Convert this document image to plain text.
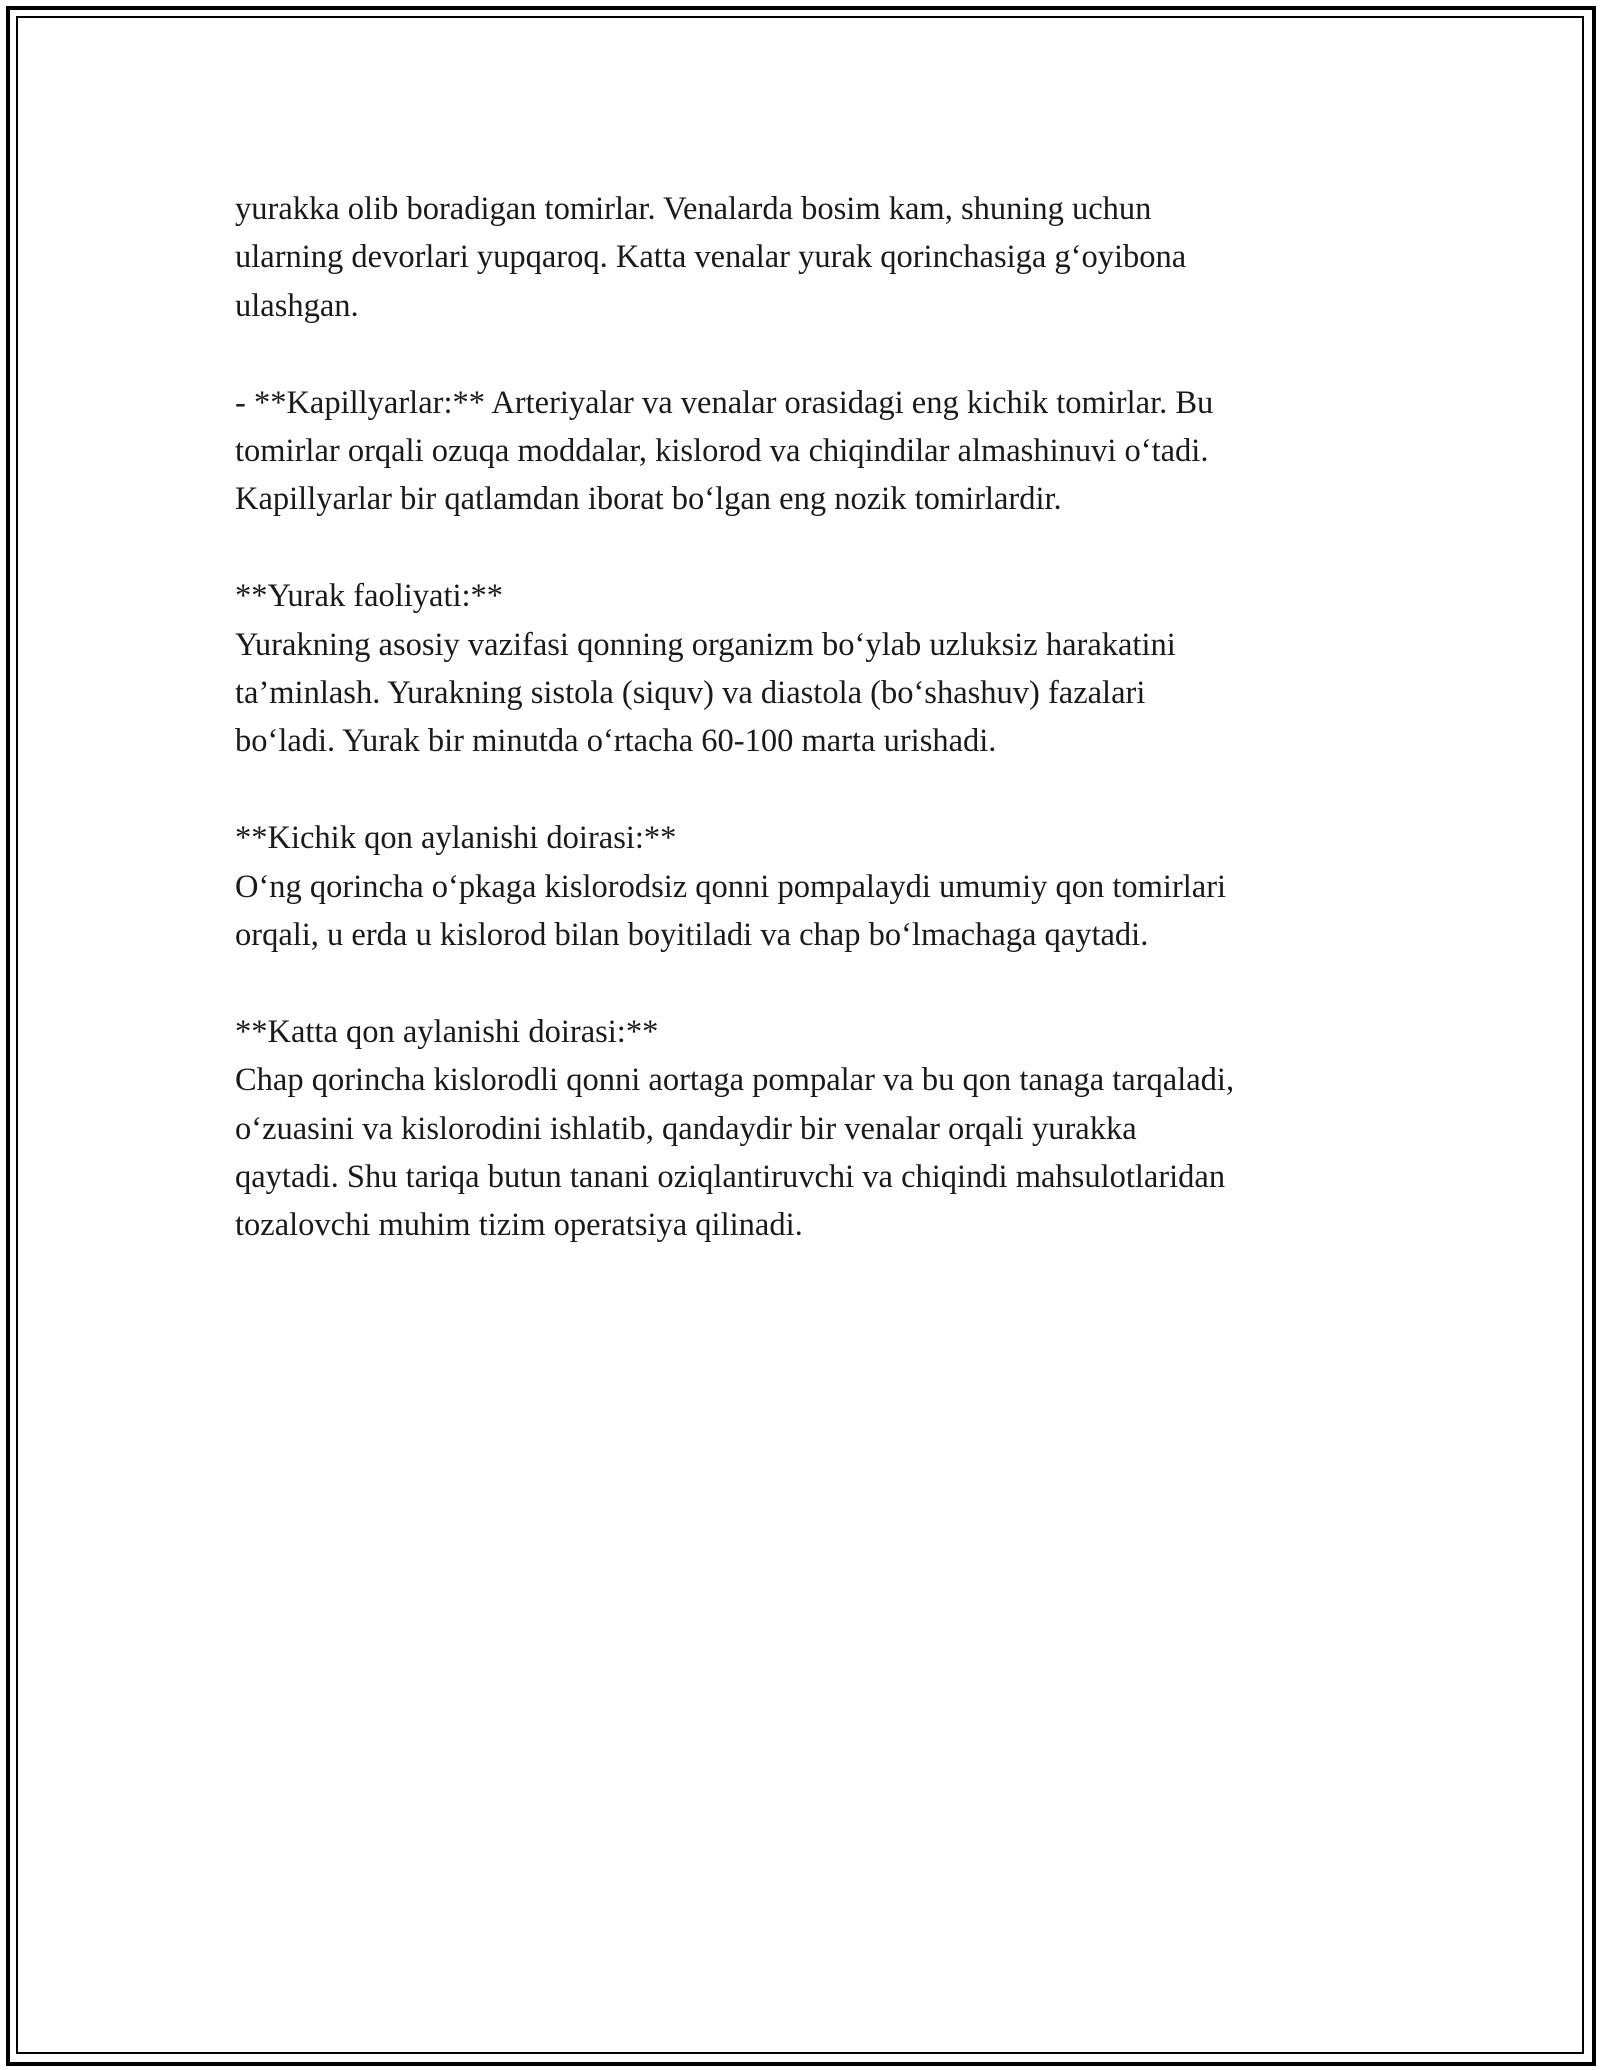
yurakka olib boradigan tomirlar. Venalarda bosim kam, shuning uchun
ularning devorlari yupqaroq. Katta venalar yurak qorinchasiga g‘oyibona
ulashgan.

- **Kapillyarlar:** Arteriyalar va venalar orasidagi eng kichik tomirlar. Bu
tomirlar orqali ozuqa moddalar, kislorod va chiqindilar almashinuvi o‘tadi.
Kapillyarlar bir qatlamdan iborat bo‘lgan eng nozik tomirlardir.

**Yurak faoliyati:**
Yurakning asosiy vazifasi qonning organizm bo‘ylab uzluksiz harakatini
ta’minlash. Yurakning sistola (siquv) va diastola (bo‘shashuv) fazalari
bo‘ladi. Yurak bir minutda o‘rtacha 60-100 marta urishadi.

**Kichik qon aylanishi doirasi:**
O‘ng qorincha o‘pkaga kislorodsiz qonni pompalaydi umumiy qon tomirlari
orqali, u erda u kislorod bilan boyitiladi va chap bo‘lmachaga qaytadi.

**Katta qon aylanishi doirasi:**
Chap qorincha kislorodli qonni aortaga pompalar va bu qon tanaga tarqaladi,
o‘zuasini va kislorodini ishlatib, qandaydir bir venalar orqali yurakka
qaytadi. Shu tariqa butun tanani oziqlantiruvchi va chiqindi mahsulotlaridan
tozalovchi muhim tizim operatsiya qilinadi.
